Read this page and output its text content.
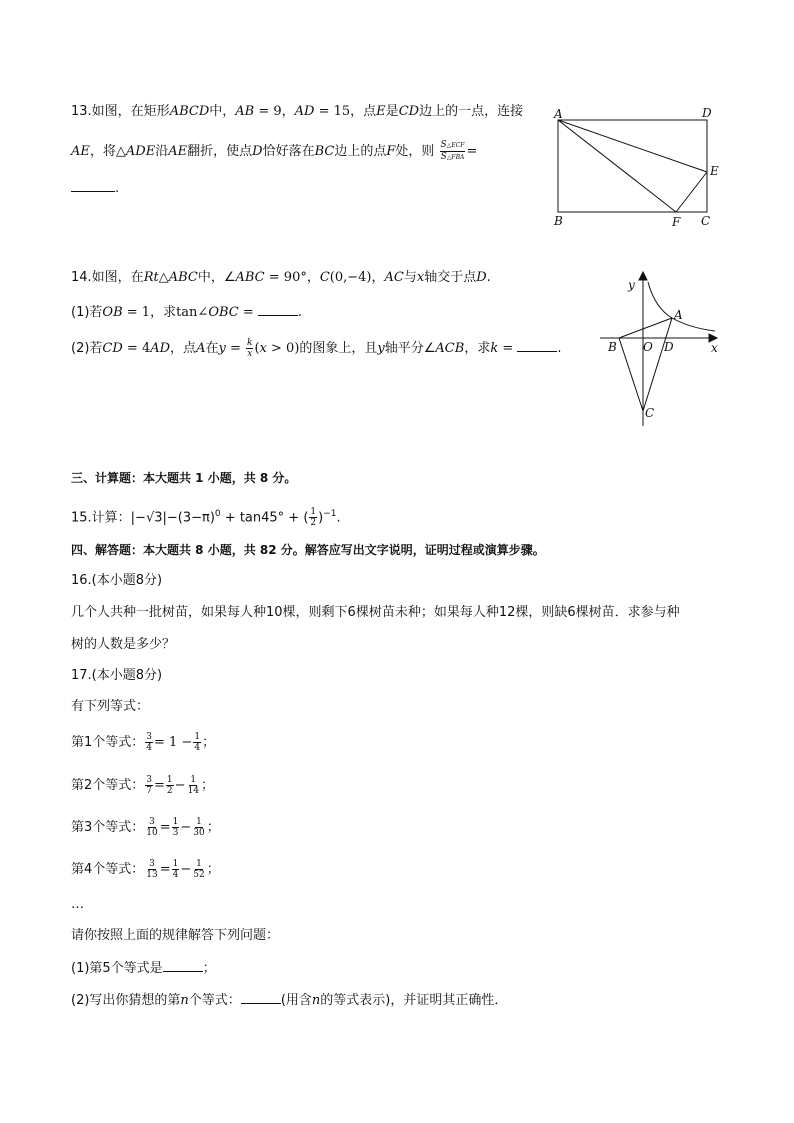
13.如图，在矩形ABCD中，AB = 9，AD = 15，点E是CD边上的一点，连接
AE，将△ADE沿AE翻折，使点D恰好落在BC边上的点F处，则 $\frac{\text{S△ECF}}{\text{S△FBA}}$ =
.
A	D
E
B	F C
14.如图，在Rt△ABC中，∠ABC = 90°，C(0,−4)，AC与x轴交于点D.
(1)若OB = 1，求tan∠OBC =	.
(2)若CD = 4AD，点A在$y = \frac{k}{x} (x > 0)$的图象上，且y轴平分∠ACB，求k =	.
y
A
B O D	x
C
三、计算题：本大题共 1 小题，共 8 分。
15.计算：$|-√3|-(3-\pi)^0 + \tan 45^\circ$ + ( $\frac{1}{2} )^{-1}$.
四、解答题：本大题共 8 小题，共 82 分。解答应写出文字说明，证明过程或演算步骤。
16.(本小题8分)
几个人共种一批树苗，如果每人种10棵，则剩下6棵树苗未种；如果每人种12棵，则缺6棵树苗．求参与种
树的人数是多少？
17.(本小题8分)
有下列等式：
第1个等式： $\frac{3}{4} = 1 - \frac{1}{4}$ ；
第2个等式： $\frac{3}{7} = \frac{1}{2} - \frac{1}{14}$ ；
第3个等式： $\frac{3}{10} = \frac{1}{3} - \frac{1}{30}$ ；
第4个等式： $\frac{3}{13} = \frac{1}{4} - \frac{1}{52}$ ；
…
请你按照上面的规律解答下列问题：
(1)第5个等式是	；
(2)写出你猜想的第n个等式：	(用含n的等式表示)，并证明其正确性．
